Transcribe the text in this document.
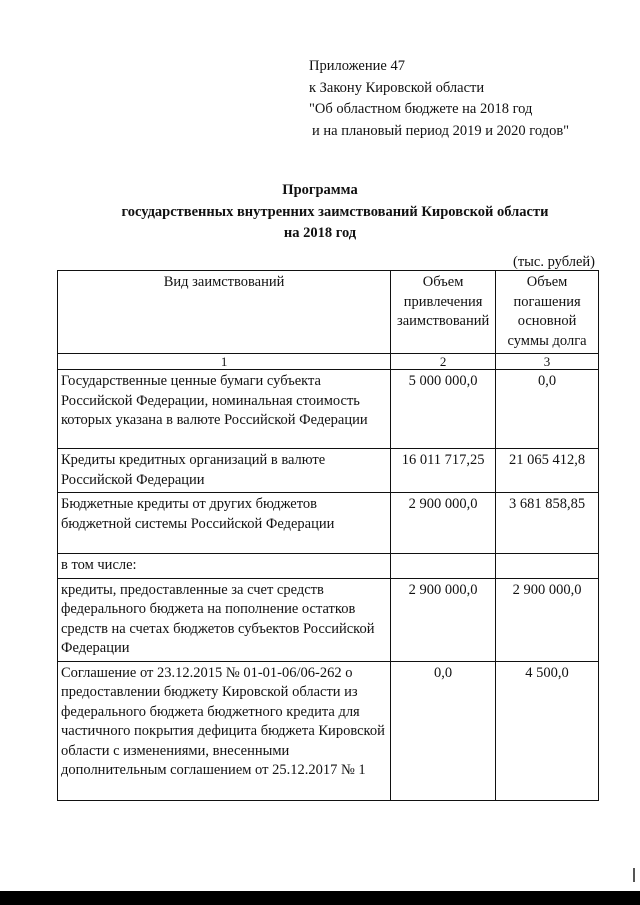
Приложение 47
к Закону Кировской области
"Об областном бюджете на 2018 год
и на плановый период 2019 и 2020 годов"
Программа
государственных внутренних заимствований Кировской области
на 2018 год
(тыс. рублей)
Вид заимствований	Объем привлечения заимствований	Объем погашения основной суммы долга
1	2	3
Государственные ценные бумаги субъекта Российской Федерации, номинальная стоимость которых указана в валюте Российской Федерации	5 000 000,0	0,0
Кредиты кредитных организаций в валюте Российской Федерации	16 011 717,25	21 065 412,8
Бюджетные кредиты от других бюджетов бюджетной системы Российской Федерации	2 900 000,0	3 681 858,85
в том числе:		
кредиты, предоставленные за счет средств федерального бюджета на пополнение остатков средств на счетах бюджетов субъектов Российской Федерации	2 900 000,0	2 900 000,0
Соглашение от 23.12.2015 № 01-01-06/06-262 о предоставлении бюджету Кировской области из федерального бюджета бюджетного кредита для частичного покрытия дефицита бюджета Кировской области с изменениями, внесенными дополнительным соглашением от 25.12.2017 № 1	0,0	4 500,0
